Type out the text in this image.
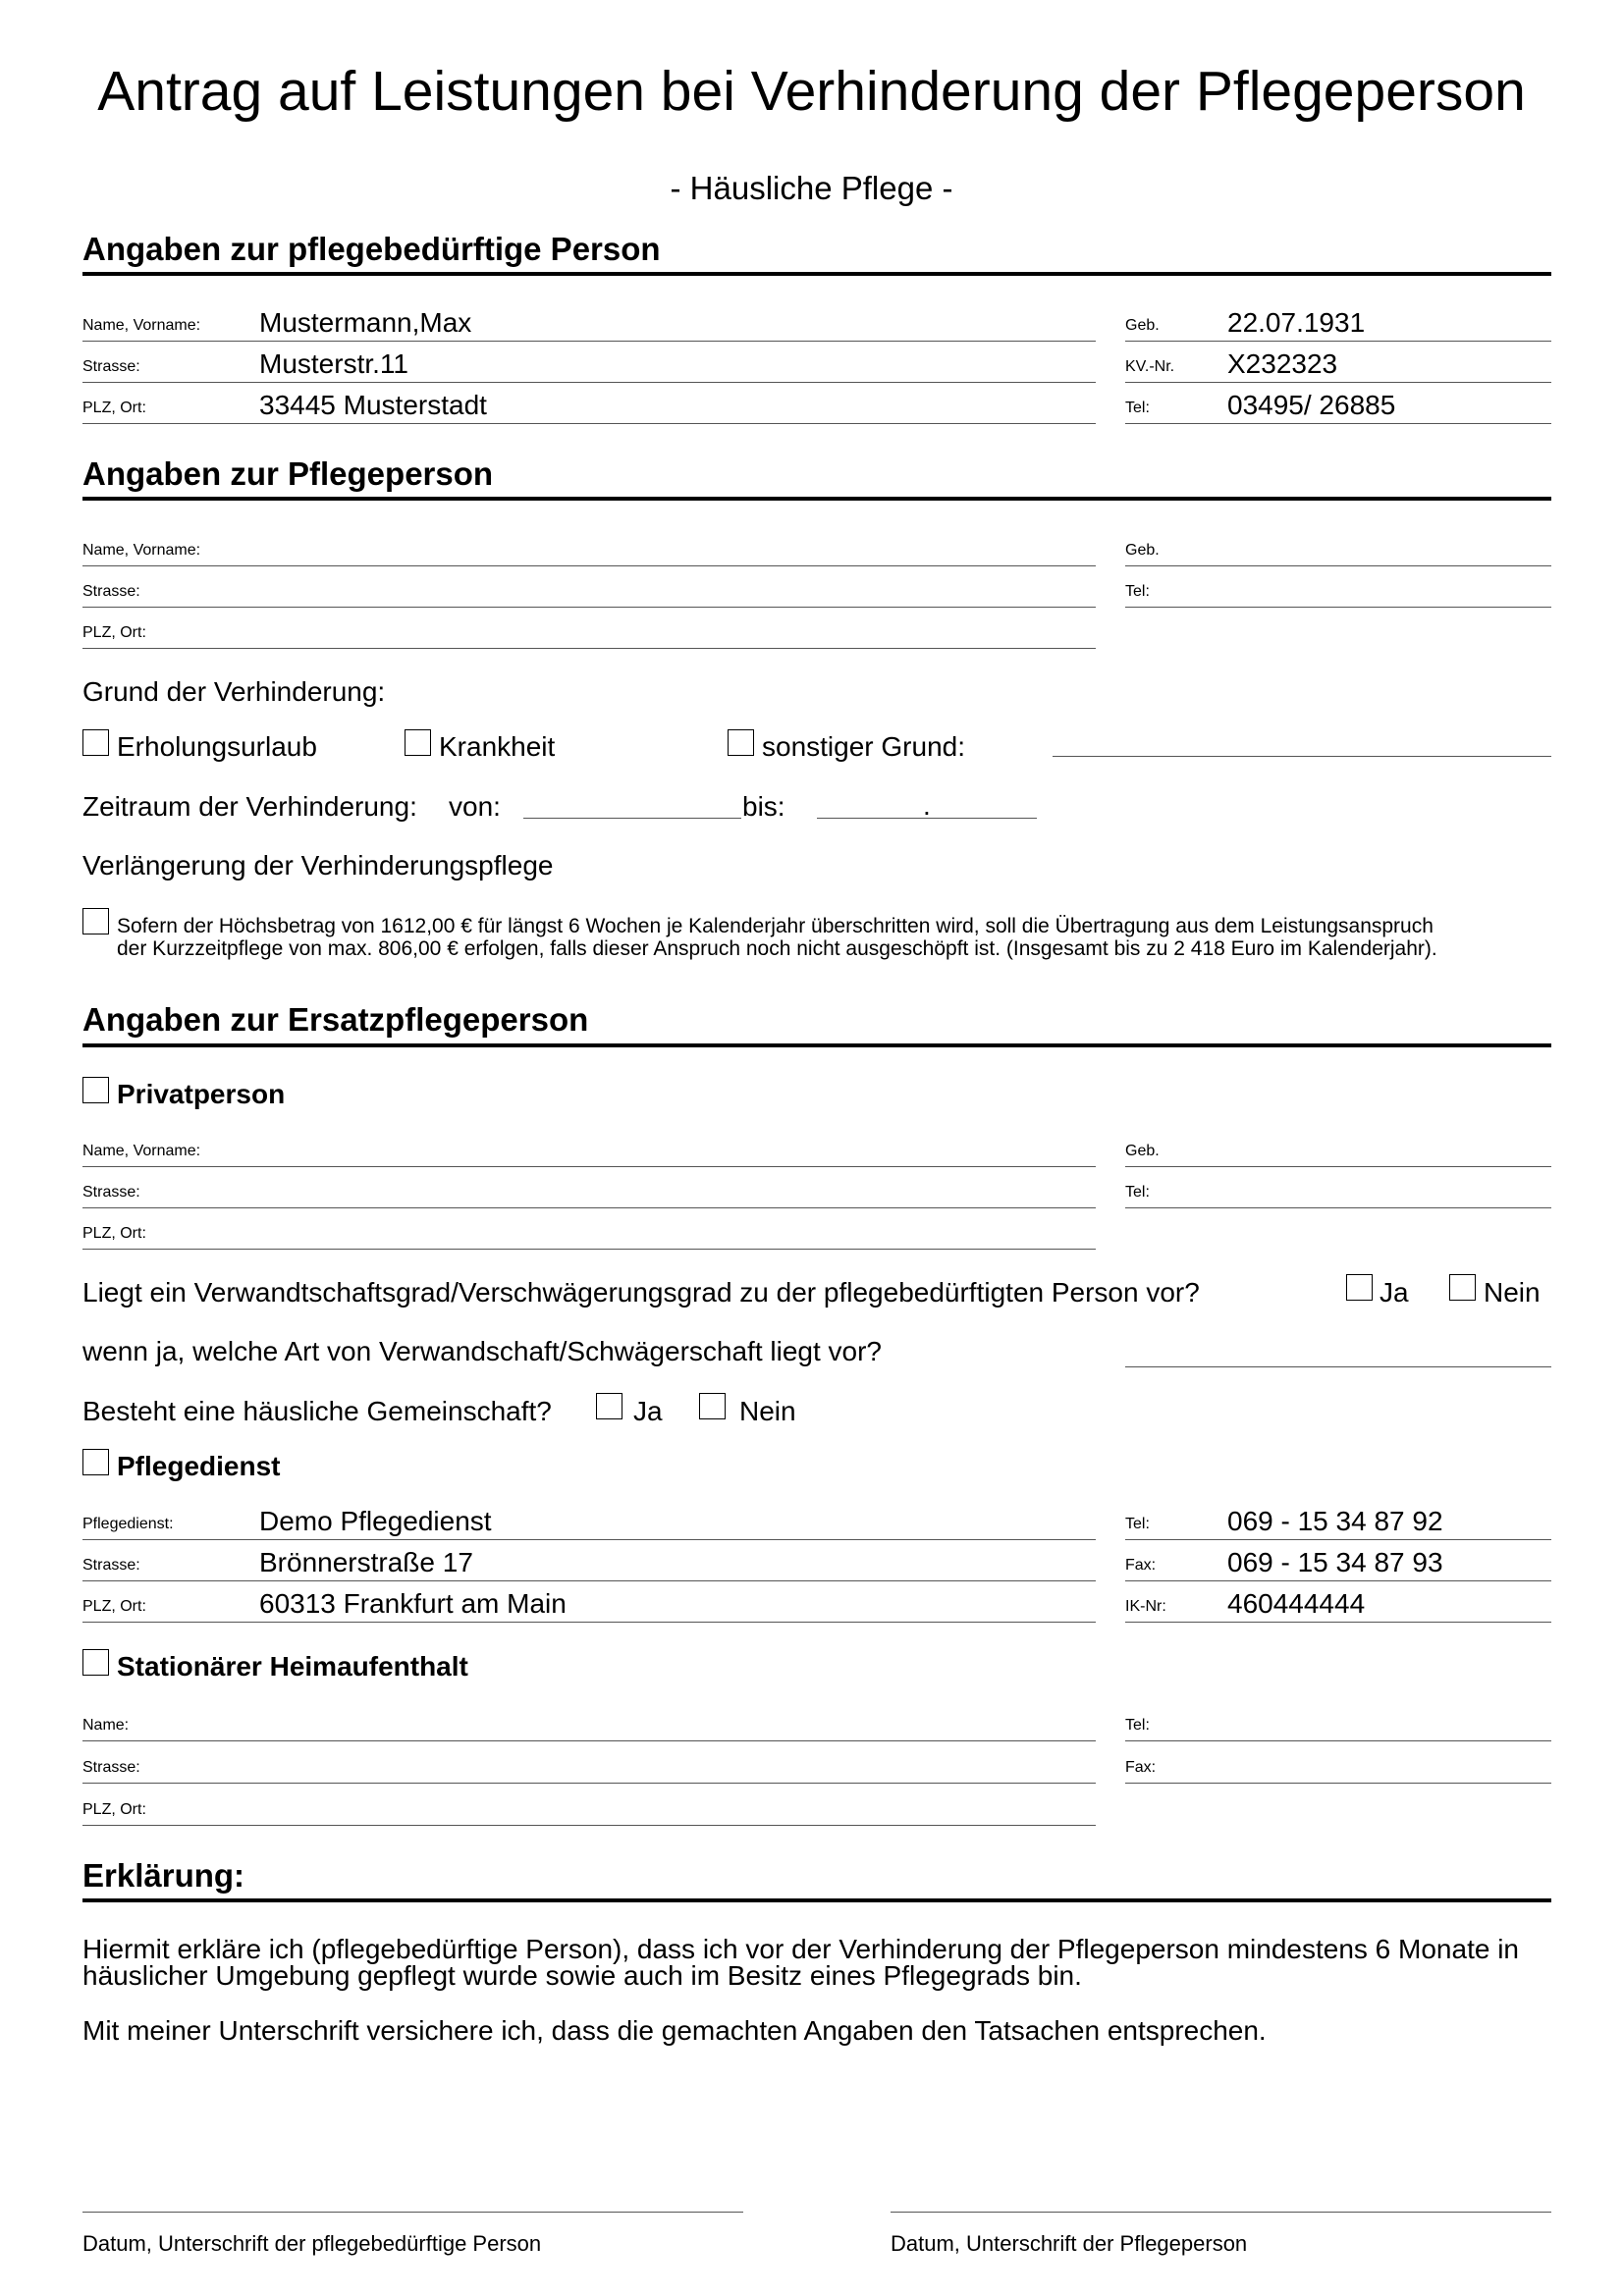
Antrag auf Leistungen bei Verhinderung der Pflegeperson
- Häusliche Pflege -
Angaben zur pflegebedürftige Person
Name, Vorname: Mustermann,Max
Strasse:	Musterstr.11
PLZ, Ort:	33445 Musterstadt
Geb. 22.07.1931
KV.-Nr. X232323
Tel:	03495/ 26885
Angaben zur Pflegeperson
Name, Vorname:
Strasse:
PLZ, Ort:
Geb.
Tel:
Grund der Verhinderung:
Erholungsurlaub	Krankheit	sonstiger Grund:
Zeitraum der Verhinderung: von:	bis:	.
Verlängerung der Verhinderungspflege
Sofern der Höchsbetrag von 1612,00 € für längst 6 Wochen je Kalenderjahr überschritten wird, soll die Übertragung aus dem Leistungsanspruch
der Kurzzeitpflege von max. 806,00 € erfolgen, falls dieser Anspruch noch nicht ausgeschöpft ist. (Insgesamt bis zu 2 418 Euro im Kalenderjahr).
Angaben zur Ersatzpflegeperson
Privatperson
Name, Vorname:
Strasse:
PLZ, Ort:
Geb.
Tel:
Liegt ein Verwandtschaftsgrad/Verschwägerungsgrad zu der pflegebedürftigten Person vor?	Ja	Nein
wenn ja, welche Art von Verwandschaft/Schwägerschaft liegt vor?
Besteht eine häusliche Gemeinschaft?	Ja	Nein
Pflegedienst
Pflegedienst:	Demo Pflegedienst
Strasse:	Brönnerstraße 17
PLZ, Ort:	60313 Frankfurt am Main
Tel:	069 - 15 34 87 92
Fax:	069 - 15 34 87 93
IK-Nr: 460444444
Stationärer Heimaufenthalt
Name:
Strasse:
PLZ, Ort:
Tel:
Fax:
Erklärung:
Hiermit erkläre ich (pflegebedürftige Person), dass ich vor der Verhinderung der Pflegeperson mindestens 6 Monate in
häuslicher Umgebung gepflegt wurde sowie auch im Besitz eines Pflegegrads bin.
Mit meiner Unterschrift versichere ich, dass die gemachten Angaben den Tatsachen entsprechen.
Datum, Unterschrift der pflegebedürftige Person	Datum, Unterschrift der Pflegeperson
